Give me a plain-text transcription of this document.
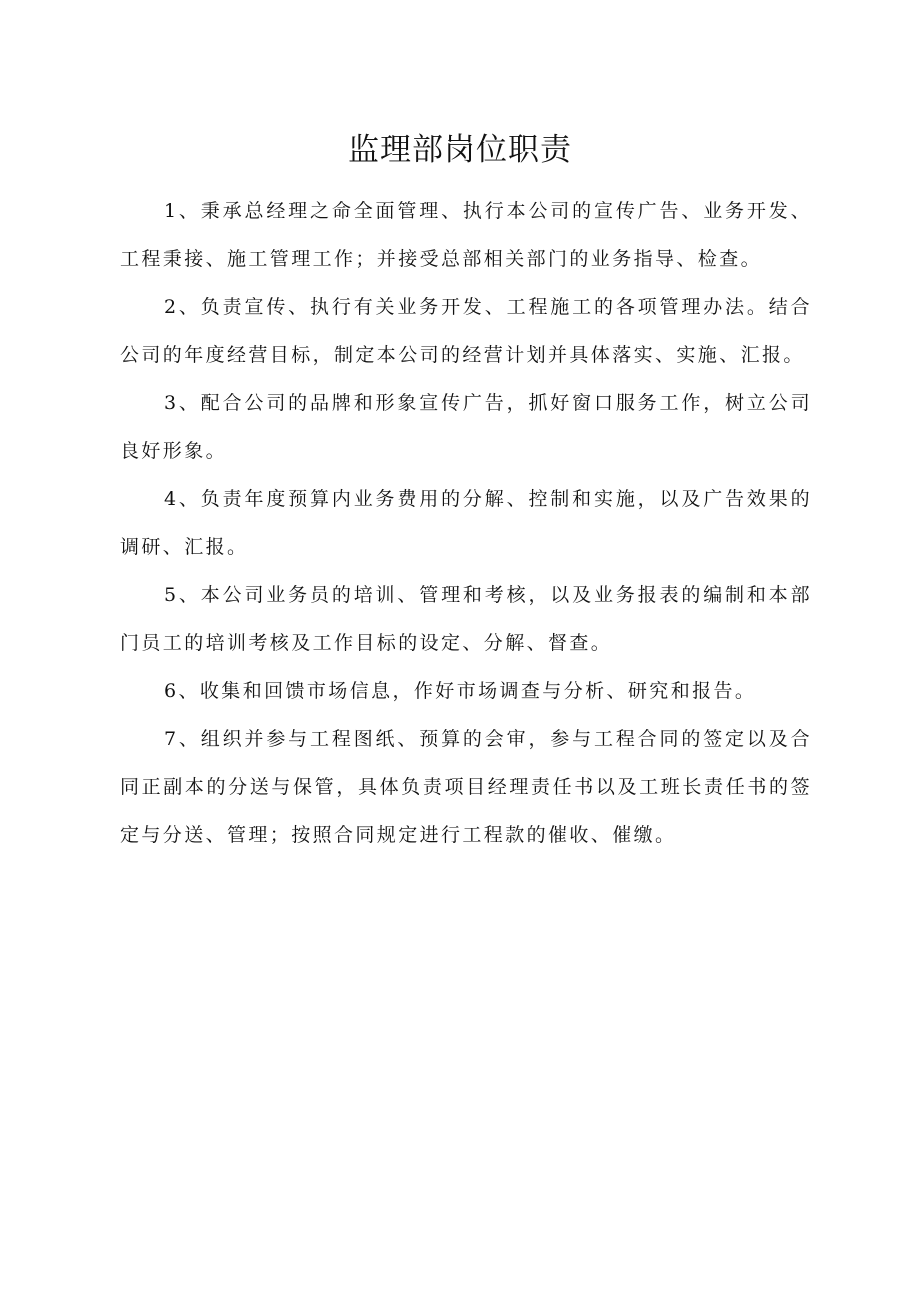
监理部岗位职责

1、秉承总经理之命全面管理、执行本公司的宣传广告、业务开发、工程秉接、施工管理工作；并接受总部相关部门的业务指导、检查。

2、负责宣传、执行有关业务开发、工程施工的各项管理办法。结合公司的年度经营目标，制定本公司的经营计划并具体落实、实施、汇报。

3、配合公司的品牌和形象宣传广告，抓好窗口服务工作，树立公司良好形象。

4、负责年度预算内业务费用的分解、控制和实施，以及广告效果的调研、汇报。

5、本公司业务员的培训、管理和考核，以及业务报表的编制和本部门员工的培训考核及工作目标的设定、分解、督查。

6、收集和回馈市场信息，作好市场调查与分析、研究和报告。

7、组织并参与工程图纸、预算的会审，参与工程合同的签定以及合同正副本的分送与保管，具体负责项目经理责任书以及工班长责任书的签定与分送、管理；按照合同规定进行工程款的催收、催缴。
